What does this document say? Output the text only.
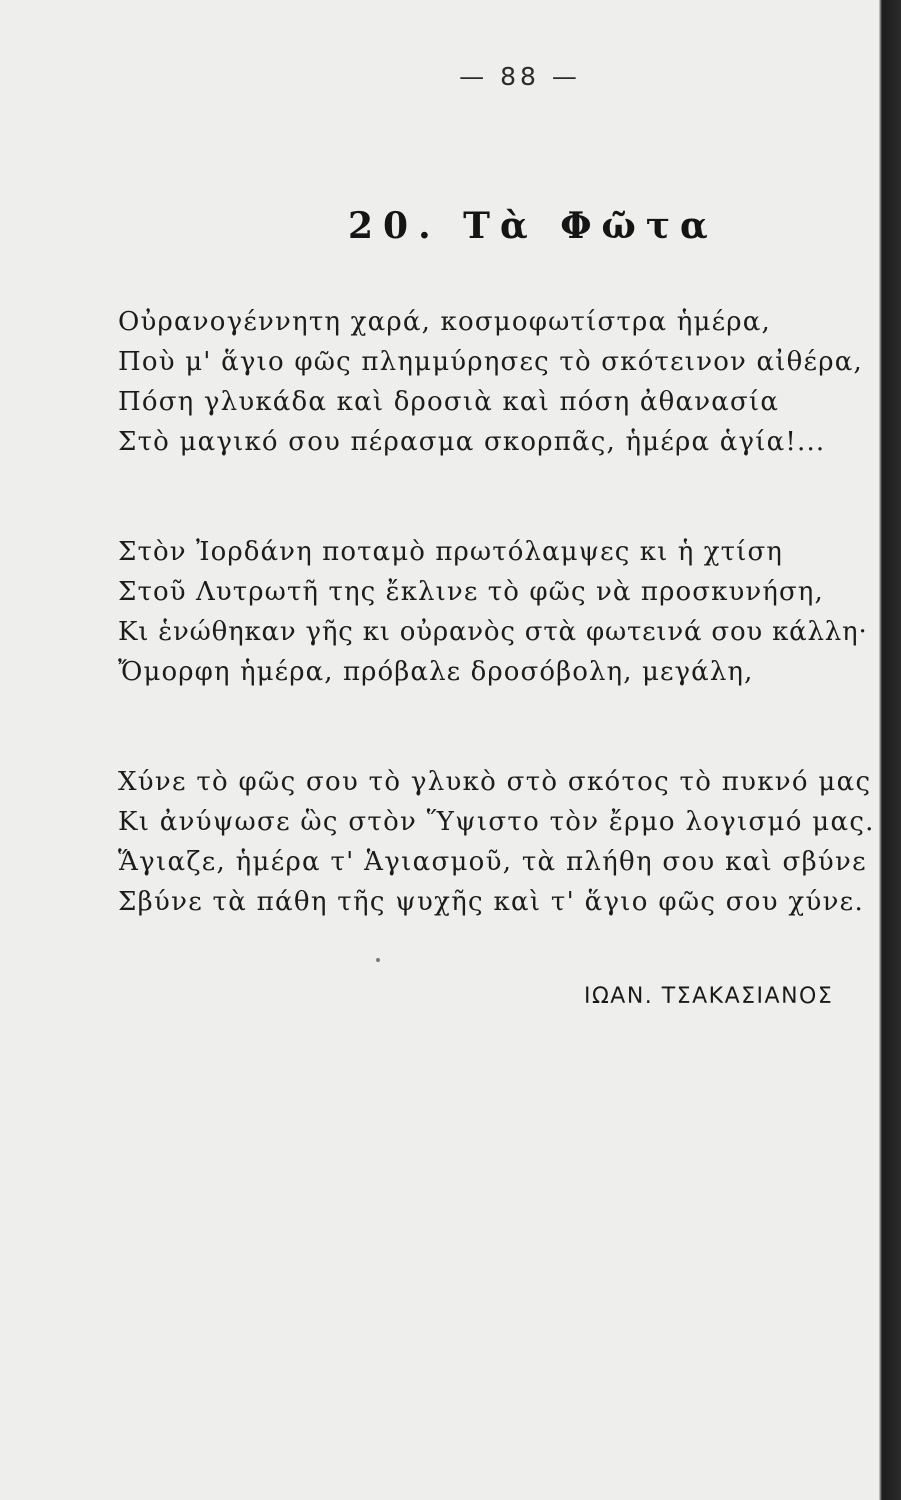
— 88 —
20. Τὰ Φῶτα
Οὐρανογέννητη χαρά, κοσμοφωτίστρα ἡμέρα,
Ποὺ μ' ἅγιο φῶς πλημμύρησες τὸ σκότεινον αἰθέρα,
Πόση γλυκάδα καὶ δροσιὰ καὶ πόση ἀθανασία
Στὸ μαγικό σου πέρασμα σκορπᾶς, ἡμέρα ἁγία!...
Στὸν Ἰορδάνη ποταμὸ πρωτόλαμψες κι ἡ χτίση
Στοῦ Λυτρωτῆ της ἔκλινε τὸ φῶς νὰ προσκυνήση,
Κι ἑνώθηκαν γῆς κι οὐρανὸς στὰ φωτεινά σου κάλλη·
Ὄμορφη ἡμέρα, πρόβαλε δροσόβολη, μεγάλη,
Χύνε τὸ φῶς σου τὸ γλυκὸ στὸ σκότος τὸ πυκνό μας
Κι ἀνύψωσε ὣς στὸν Ὕψιστο τὸν ἔρμο λογισμό μας.
Ἅγιαζε, ἡμέρα τ' Ἁγιασμοῦ, τὰ πλήθη σου καὶ σβύνε
Σβύνε τὰ πάθη τῆς ψυχῆς καὶ τ' ἅγιο φῶς σου χύνε.
ΙΩΑΝ. ΤΣΑΚΑΣΙΑΝΟΣ
